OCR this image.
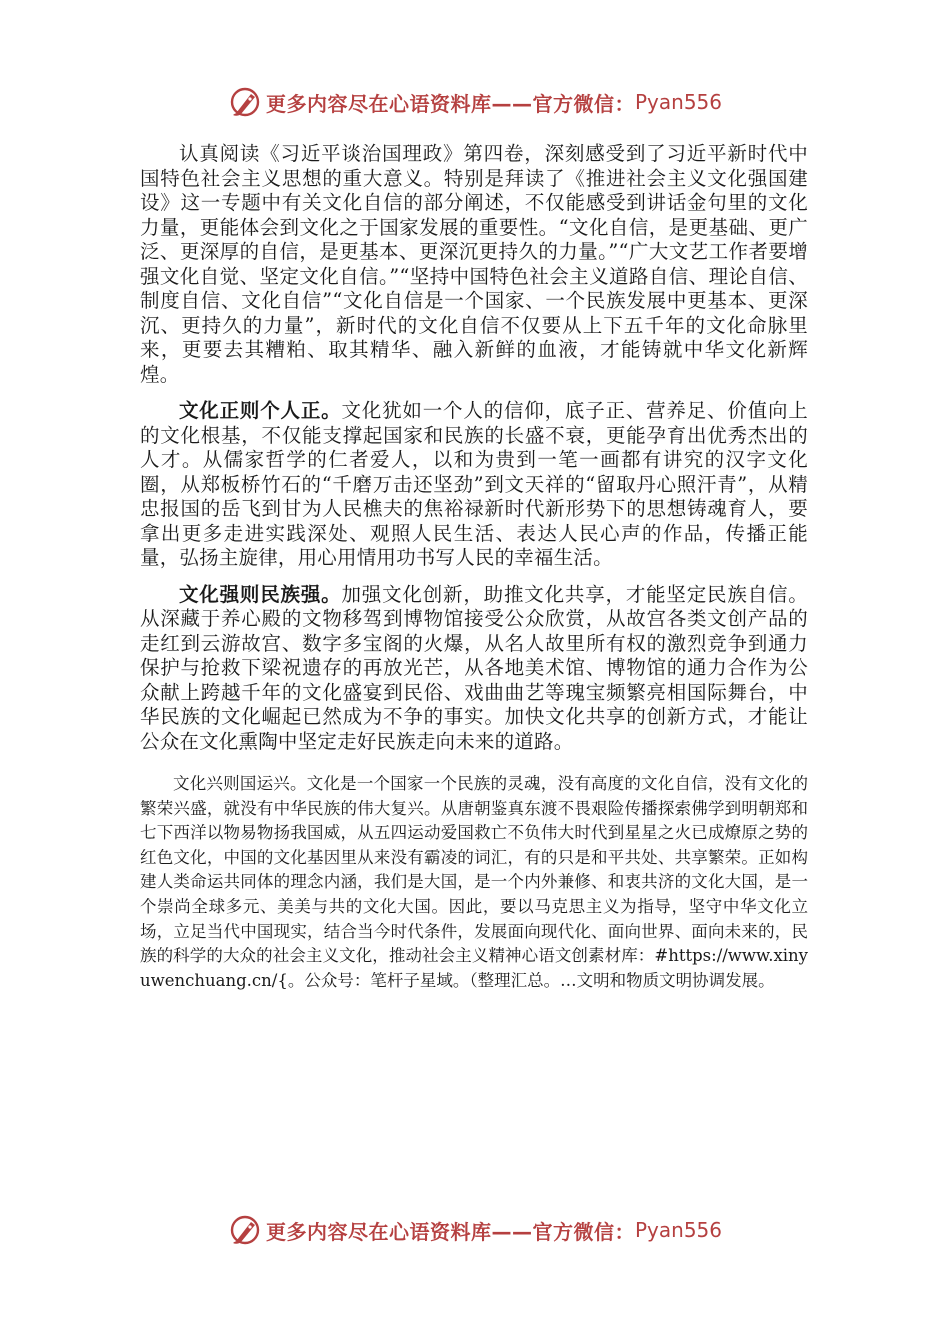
更多内容尽在心语资料库——官方微信： Pyan556

认真阅读《习近平谈治国理政》第四卷，深刻感受到了习近平新时代中国特色社会主义思想的重大意义。特别是拜读了《推进社会主义文化强国建设》这一专题中有关文化自信的部分阐述，不仅能感受到讲话金句里的文化力量，更能体会到文化之于国家发展的重要性。“文化自信，是更基础、更广泛、更深厚的自信，是更基本、更深沉更持久的力量。”“广大文艺工作者要增强文化自觉、坚定文化自信。”“坚持中国特色社会主义道路自信、理论自信、制度自信、文化自信”“文化自信是一个国家、一个民族发展中更基本、更深沉、更持久的力量”，新时代的文化自信不仅要从上下五千年的文化命脉里来，更要去其糟粕、取其精华、融入新鲜的血液，才能铸就中华文化新辉煌。

文化正则个人正。文化犹如一个人的信仰，底子正、营养足、价值向上的文化根基，不仅能支撑起国家和民族的长盛不衰，更能孕育出优秀杰出的人才。从儒家哲学的仁者爱人，以和为贵到一笔一画都有讲究的汉字文化圈，从郑板桥竹石的“千磨万击还坚劲”到文天祥的“留取丹心照汗青”，从精忠报国的岳飞到甘为人民樵夫的焦裕禄新时代新形势下的思想铸魂育人，要拿出更多走进实践深处、观照人民生活、表达人民心声的作品，传播正能量，弘扬主旋律，用心用情用功书写人民的幸福生活。

文化强则民族强。加强文化创新，助推文化共享，才能坚定民族自信。从深藏于养心殿的文物移驾到博物馆接受公众欣赏，从故宫各类文创产品的走红到云游故宫、数字多宝阁的火爆，从名人故里所有权的激烈竞争到通力保护与抢救下梁祝遗存的再放光芒，从各地美术馆、博物馆的通力合作为公众献上跨越千年的文化盛宴到民俗、戏曲曲艺等瑰宝频繁亮相国际舞台，中华民族的文化崛起已然成为不争的事实。加快文化共享的创新方式，才能让公众在文化熏陶中坚定走好民族走向未来的道路。

文化兴则国运兴。文化是一个国家一个民族的灵魂，没有高度的文化自信，没有文化的繁荣兴盛，就没有中华民族的伟大复兴。从唐朝鉴真东渡不畏艰险传播探索佛学到明朝郑和七下西洋以物易物扬我国威，从五四运动爱国救亡不负伟大时代到星星之火已成燎原之势的红色文化，中国的文化基因里从来没有霸凌的词汇，有的只是和平共处、共享繁荣。正如构建人类命运共同体的理念内涵，我们是大国，是一个内外兼修、和衷共济的文化大国，是一个崇尚全球多元、美美与共的文化大国。因此，要以马克思主义为指导，坚守中华文化立场，立足当代中国现实，结合当今时代条件，发展面向现代化、面向世界、面向未来的，民族的科学的大众的社会主义文化，推动社会主义精神心语文创素材库：#https://www.xinyuwenchuang.cn/{。公众号：笔杆子星域。（整理汇总。…文明和物质文明协调发展。

更多内容尽在心语资料库——官方微信： Pyan556
